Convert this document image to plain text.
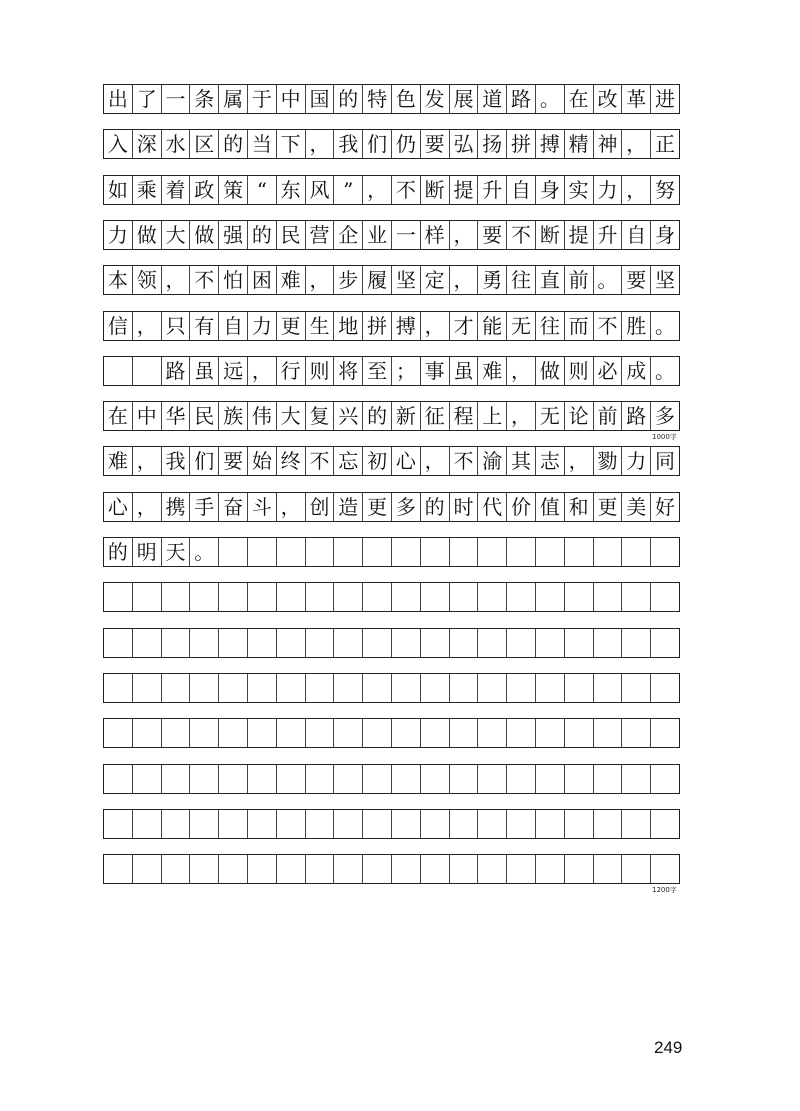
出 了 一 条 属 于 中 国 的 特 色 发 展 道 路 。 在 改 革 进
入 深 水 区 的 当 下 ， 我 们 仍 要 弘 扬 拼 搏 精 神 ， 正
如 乘 着 政 策 “ 东 风 ” ， 不 断 提 升 自 身 实 力 ， 努
力 做 大 做 强 的 民 营 企 业 一 样 ， 要 不 断 提 升 自 身
本 领 ， 不 怕 困 难 ， 步 履 坚 定 ， 勇 往 直 前 。 要 坚
信 ， 只 有 自 力 更 生 地 拼 搏 ， 才 能 无 往 而 不 胜 。
路 虽 远 ， 行 则 将 至 ； 事 虽 难 ， 做 则 必 成 。
在 中 华 民 族 伟 大 复 兴 的 新 征 程 上 ， 无 论 前 路 多
难 ， 我 们 要 始 终 不 忘 初 心 ， 不 渝 其 志 ， 勠 力 同
心 ， 携 手 奋 斗 ， 创 造 更 多 的 时 代 价 值 和 更 美 好
的 明 天 。
1000字
1200字
249
